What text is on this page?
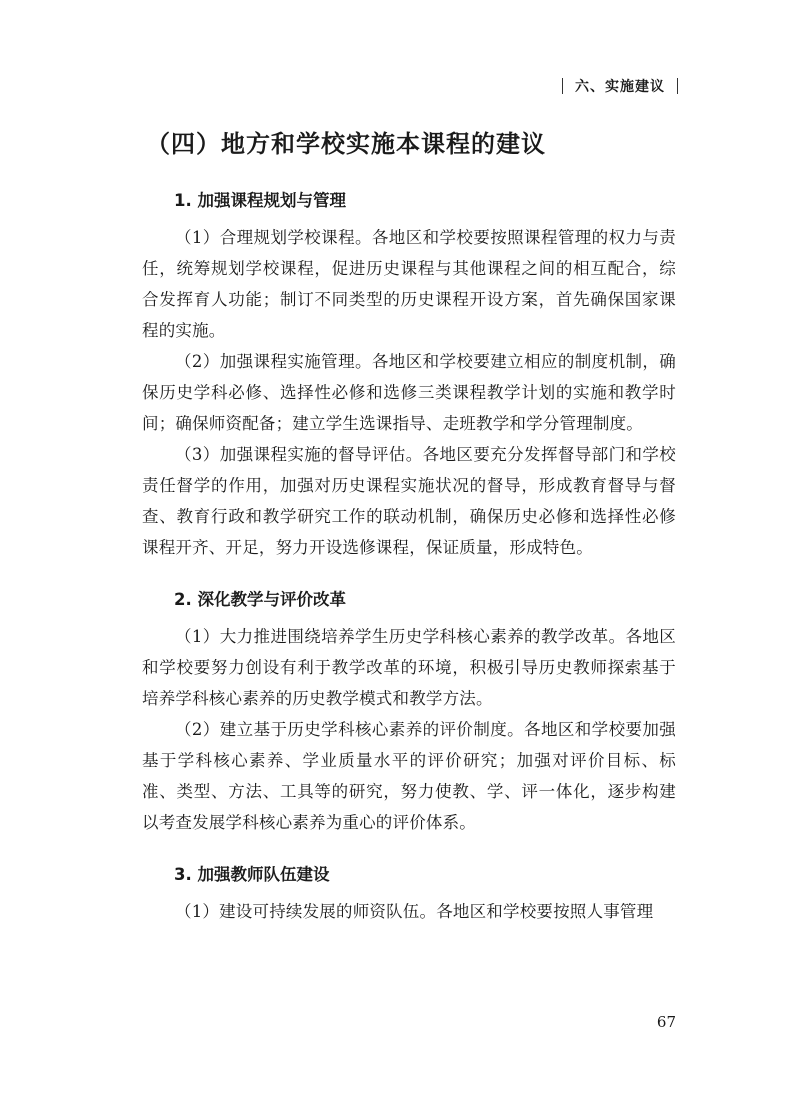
六、实施建议
（四）地方和学校实施本课程的建议
1. 加强课程规划与管理

（1）合理规划学校课程。各地区和学校要按照课程管理的权力与责任，统筹规划学校课程，促进历史课程与其他课程之间的相互配合，综合发挥育人功能；制订不同类型的历史课程开设方案，首先确保国家课程的实施。

（2）加强课程实施管理。各地区和学校要建立相应的制度机制，确保历史学科必修、选择性必修和选修三类课程教学计划的实施和教学时间；确保师资配备；建立学生选课指导、走班教学和学分管理制度。

（3）加强课程实施的督导评估。各地区要充分发挥督导部门和学校责任督学的作用，加强对历史课程实施状况的督导，形成教育督导与督查、教育行政和教学研究工作的联动机制，确保历史必修和选择性必修课程开齐、开足，努力开设选修课程，保证质量，形成特色。

2. 深化教学与评价改革

（1）大力推进围绕培养学生历史学科核心素养的教学改革。各地区和学校要努力创设有利于教学改革的环境，积极引导历史教师探索基于培养学科核心素养的历史教学模式和教学方法。

（2）建立基于历史学科核心素养的评价制度。各地区和学校要加强基于学科核心素养、学业质量水平的评价研究；加强对评价目标、标准、类型、方法、工具等的研究，努力使教、学、评一体化，逐步构建以考查发展学科核心素养为重心的评价体系。

3. 加强教师队伍建设

（1）建设可持续发展的师资队伍。各地区和学校要按照人事管理

67
